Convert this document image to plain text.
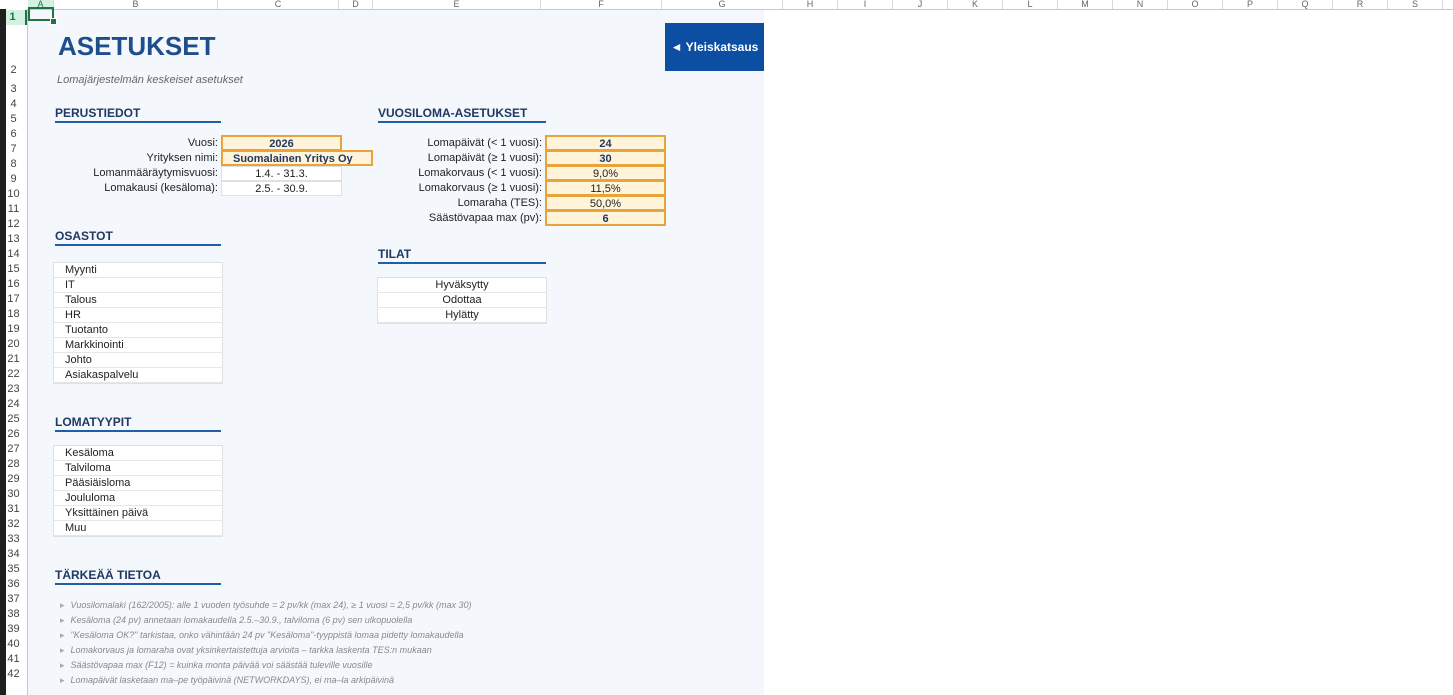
A	B	C	D	E	F	G	H	I	J	K	L	M	N	O	P	Q	R	S
1
2
3
4
5
6
7
8
9
10
11
12
13
14
15
16
17
18
19
20
21
22
23
24
25
26
27
28
29
30
31
32
33
34
35
36
37
38
39
40
41
42
ASETUKSET
Lomajärjestelmän keskeiset asetukset
◄ Yleiskatsaus
PERUSTIEDOT
Vuosi:	2026
Yrityksen nimi:	Suomalainen Yritys Oy
Lomanmääräytymisvuosi:	1.4. - 31.3.
Lomakausi (kesäloma):	2.5. - 30.9.
VUOSILOMA-ASETUKSET
Lomapäivät (< 1 vuosi):	24
Lomapäivät (≥ 1 vuosi):	30
Lomakorvaus (< 1 vuosi):	9,0%
Lomakorvaus (≥ 1 vuosi):	11,5%
Lomaraha (TES):	50,0%
Säästövapaa max (pv):	6
OSASTOT
Myynti
IT
Talous
HR
Tuotanto
Markkinointi
Johto
Asiakaspalvelu
TILAT
Hyväksytty
Odottaa
Hylätty
LOMATYYPIT
Kesäloma
Talviloma
Pääsiäisloma
Joululoma
Yksittäinen päivä
Muu
TÄRKEÄÄ TIETOA
▸ Vuosilomalaki (162/2005): alle 1 vuoden työsuhde = 2 pv/kk (max 24), ≥ 1 vuosi = 2,5 pv/kk (max 30)
▸ Kesäloma (24 pv) annetaan lomakaudella 2.5.–30.9., talviloma (6 pv) sen ulkopuolella
▸ "Kesäloma OK?" tarkistaa, onko vähintään 24 pv "Kesäloma"-tyyppistä lomaa pidetty lomakaudella
▸ Lomakorvaus ja lomaraha ovat yksinkertaistettuja arvioita – tarkka laskenta TES:n mukaan
▸ Säästövapaa max (F12) = kuinka monta päivää voi säästää tuleville vuosille
▸ Lomapäivät lasketaan ma–pe työpäivinä (NETWORKDAYS), ei ma–la arkipäivinä
